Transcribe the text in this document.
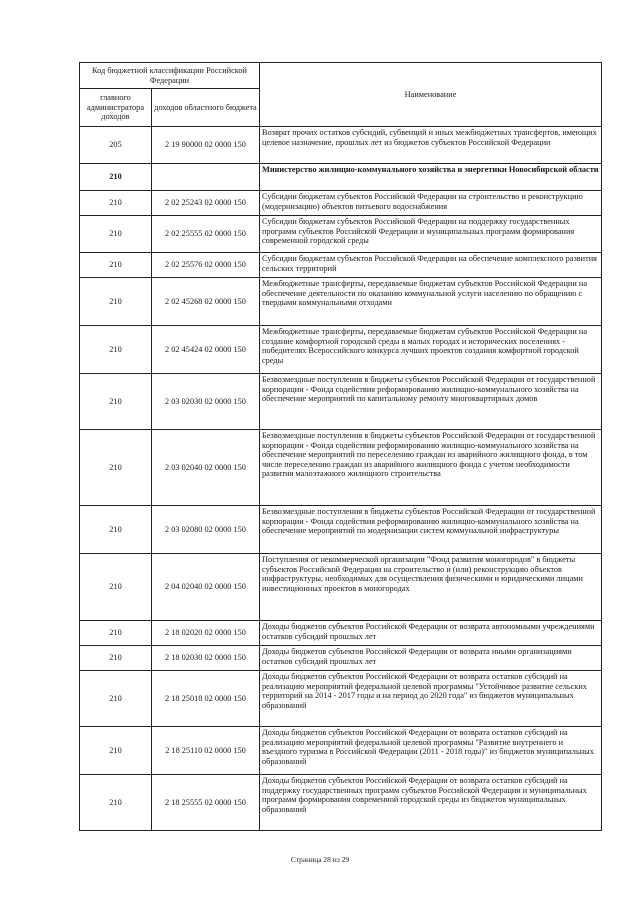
Код бюджетной классификации Российской Федерации		Наименование
главного администратора доходов	доходов областного бюджета	
205	2 19 90000 02 0000 150	Возврат прочих остатков субсидий, субвенций и иных межбюджетных трансфертов, имеющих целевое назначение, прошлых лет из бюджетов субъектов Российской Федерации
210		Министерство жилищно-коммунального хозяйства и энергетики Новосибирской области
210	2 02 25243 02 0000 150	Субсидии бюджетам субъектов Российской Федерации на строительство и реконструкцию (модернизацию) объектов питьевого водоснабжения
210	2 02 25555 02 0000 150	Субсидии бюджетам субъектов Российской Федерации на поддержку государственных программ субъектов Российской Федерации и муниципальных программ формирования современной городской среды
210	2 02 25576 02 0000 150	Субсидии бюджетам субъектов Российской Федерации на обеспечение комплексного развития сельских территорий
210	2 02 45268 02 0000 150	Межбюджетные трансферты, передаваемые бюджетам субъектов Российской Федерации на обеспечение деятельности по оказанию коммунальной услуги населению по обращению с твердыми коммунальными отходами
210	2 02 45424 02 0000 150	Межбюджетные трансферты, передаваемые бюджетам субъектов Российской Федерации на создание комфортной городской среды в малых городах и исторических поселениях - победителях Всероссийского конкурса лучших проектов создания комфортной городской среды
210	2 03 02030 02 0000 150	Безвозмездные поступления в бюджеты субъектов Российской Федерации от государственной корпорации - Фонда содействия реформированию жилищно-коммунального хозяйства на обеспечение мероприятий по капитальному ремонту многоквартирных домов
210	2 03 02040 02 0000 150	Безвозмездные поступления в бюджеты субъектов Российской Федерации от государственной корпорации - Фонда содействия реформированию жилищно-коммунального хозяйства на обеспечение мероприятий по переселению граждан из аварийного жилищного фонда, в том числе переселению граждан из аварийного жилищного фонда с учетом необходимости развития малоэтажного жилищного строительства
210	2 03 02080 02 0000 150	Безвозмездные поступления в бюджеты субъектов Российской Федерации от государственной корпорации - Фонда содействия реформированию жилищно-коммунального хозяйства на обеспечение мероприятий по модернизации систем коммунальной инфраструктуры
210	2 04 02040 02 0000 150	Поступления от некоммерческой организации "Фонд развития моногородов" в бюджеты субъектов Российской Федерации на строительство и (или) реконструкцию объектов инфраструктуры, необходимых для осуществления физическими и юридическими лицами инвестиционных проектов в моногородах
210	2 18 02020 02 0000 150	Доходы бюджетов субъектов Российской Федерации от возврата автономными учреждениями остатков субсидий прошлых лет
210	2 18 02030 02 0000 150	Доходы бюджетов субъектов Российской Федерации от возврата иными организациями остатков субсидий прошлых лет
210	2 18 25018 02 0000 150	Доходы бюджетов субъектов Российской Федерации от возврата остатков субсидий на реализацию мероприятий федеральной целевой программы "Устойчивое развитие сельских территорий на 2014 - 2017 годы и на период до 2020 года" из бюджетов муниципальных образований
210	2 18 25110 02 0000 150	Доходы бюджетов субъектов Российской Федерации от возврата остатков субсидий на реализацию мероприятий федеральной целевой программы "Развитие внутреннего и въездного туризма в Российской Федерации (2011 - 2018 годы)" из бюджетов муниципальных образований
210	2 18 25555 02 0000 150	Доходы бюджетов субъектов Российской Федерации от возврата остатков субсидий на поддержку государственных программ субъектов Российской Федерации и муниципальных программ формирования современной городской среды из бюджетов муниципальных образований
Страница 28 из 29
